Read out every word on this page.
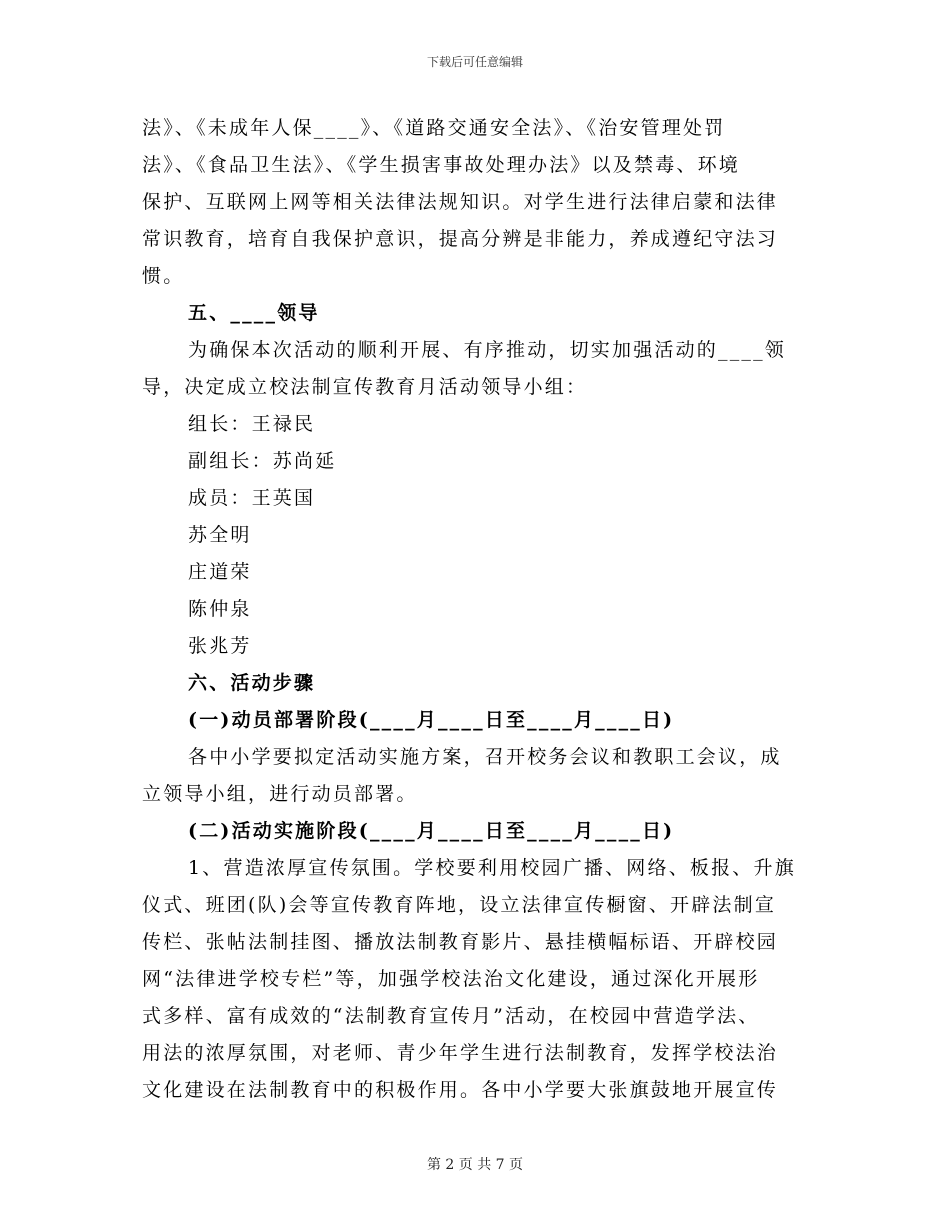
下载后可任意编辑
法》、《未成年人保____》、《道路交通安全法》、《治安管理处罚
法》、《食品卫生法》、《学生损害事故处理办法》以及禁毒、环境
保护、互联网上网等相关法律法规知识。对学生进行法律启蒙和法律
常识教育，培育自我保护意识，提高分辨是非能力，养成遵纪守法习
惯。
五、____领导
为确保本次活动的顺利开展、有序推动，切实加强活动的____领
导，决定成立校法制宣传教育月活动领导小组：
组长：王禄民
副组长：苏尚延
成员：王英国
苏全明
庄道荣
陈仲泉
张兆芳
六、活动步骤
(一)动员部署阶段(____月____日至____月____日)
各中小学要拟定活动实施方案，召开校务会议和教职工会议，成
立领导小组，进行动员部署。
(二)活动实施阶段(____月____日至____月____日)
1、营造浓厚宣传氛围。学校要利用校园广播、网络、板报、升旗
仪式、班团(队)会等宣传教育阵地，设立法律宣传橱窗、开辟法制宣
传栏、张帖法制挂图、播放法制教育影片、悬挂横幅标语、开辟校园
网“法律进学校专栏”等，加强学校法治文化建设，通过深化开展形
式多样、富有成效的“法制教育宣传月”活动，在校园中营造学法、
用法的浓厚氛围，对老师、青少年学生进行法制教育，发挥学校法治
文化建设在法制教育中的积极作用。各中小学要大张旗鼓地开展宣传
第 2 页 共 7 页
